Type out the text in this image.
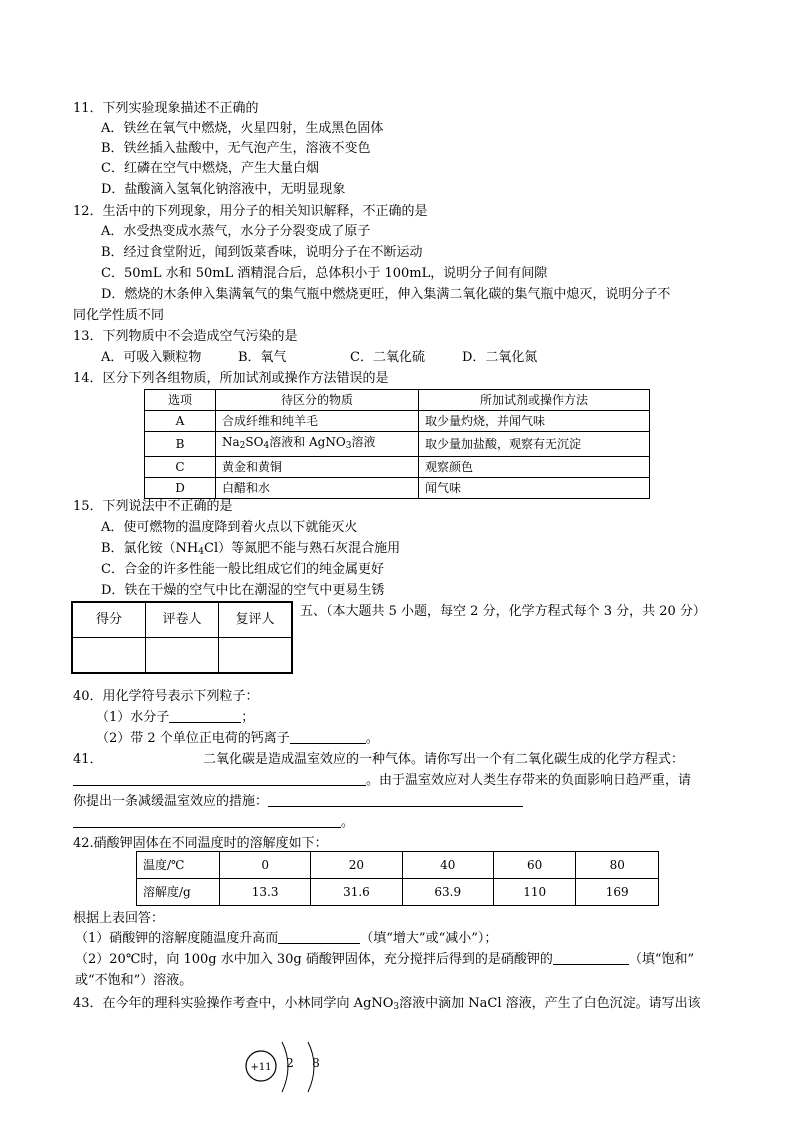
11．下列实验现象描述不正确的
A．铁丝在氧气中燃烧，火星四射，生成黑色固体
B．铁丝插入盐酸中，无气泡产生，溶液不变色
C．红磷在空气中燃烧，产生大量白烟
D．盐酸滴入氢氧化钠溶液中，无明显现象
12．生活中的下列现象，用分子的相关知识解释，不正确的是
A．水受热变成水蒸气，水分子分裂变成了原子
B．经过食堂附近，闻到饭菜香味，说明分子在不断运动
C．50mL 水和 50mL 酒精混合后，总体积小于 100mL，说明分子间有间隙
D．燃烧的木条伸入集满氧气的集气瓶中燃烧更旺，伸入集满二氧化碳的集气瓶中熄灭，说明分子不
同化学性质不同
13．下列物质中不会造成空气污染的是
A．可吸入颗粒物	B．氧气	C．二氧化硫	D．二氧化氮
14．区分下列各组物质，所加试剂或操作方法错误的是
选项	待区分的物质	所加试剂或操作方法
A	合成纤维和纯羊毛	取少量灼烧，并闻气味
B	$Na_2SO_4$溶液和 AgNO$_3$溶液	取少量加盐酸，观察有无沉淀
C	黄金和黄铜	观察颜色
D	白醋和水	闻气味
15．下列说法中不正确的是
A．使可燃物的温度降到着火点以下就能灭火
B．氯化铵$(NH_4Cl)$等氮肥不能与熟石灰混合施用
C．合金的许多性能一般比组成它们的纯金属更好
D．铁在干燥的空气中比在潮湿的空气中更易生锈
得分	评卷人	复评人

五、（本大题共 5 小题，每空 2 分，化学方程式每个 3 分，共 20 分）
40．用化学符号表示下列粒子：
（1）水分子	；
（2）带 2 个单位正电荷的钙离子	。
41．	二氧化碳是造成温室效应的一种气体。请你写出一个有二氧化碳生成的化学方程式：
。由于温室效应对人类生存带来的负面影响日趋严重，请
你提出一条减缓温室效应的措施：
。
42.硝酸钾固体在不同温度时的溶解度如下：
温度/℃	0	20	40	60	80
溶解度/g	13.3	31.6	63.9	110	169
根据上表回答：
（1）硝酸钾的溶解度随温度升高而	（填“增大”或“减小”）；
（2）20℃时，向 100g 水中加入 30g 硝酸钾固体，充分搅拌后得到的是硝酸钾的	（填“饱和”
或“不饱和”）溶液。
43．在今年的理科实验操作考查中，小林同学向 AgNO$_3$溶液中滴加 NaCl 溶液，产生了白色沉淀。请写出该
+11 2 8
